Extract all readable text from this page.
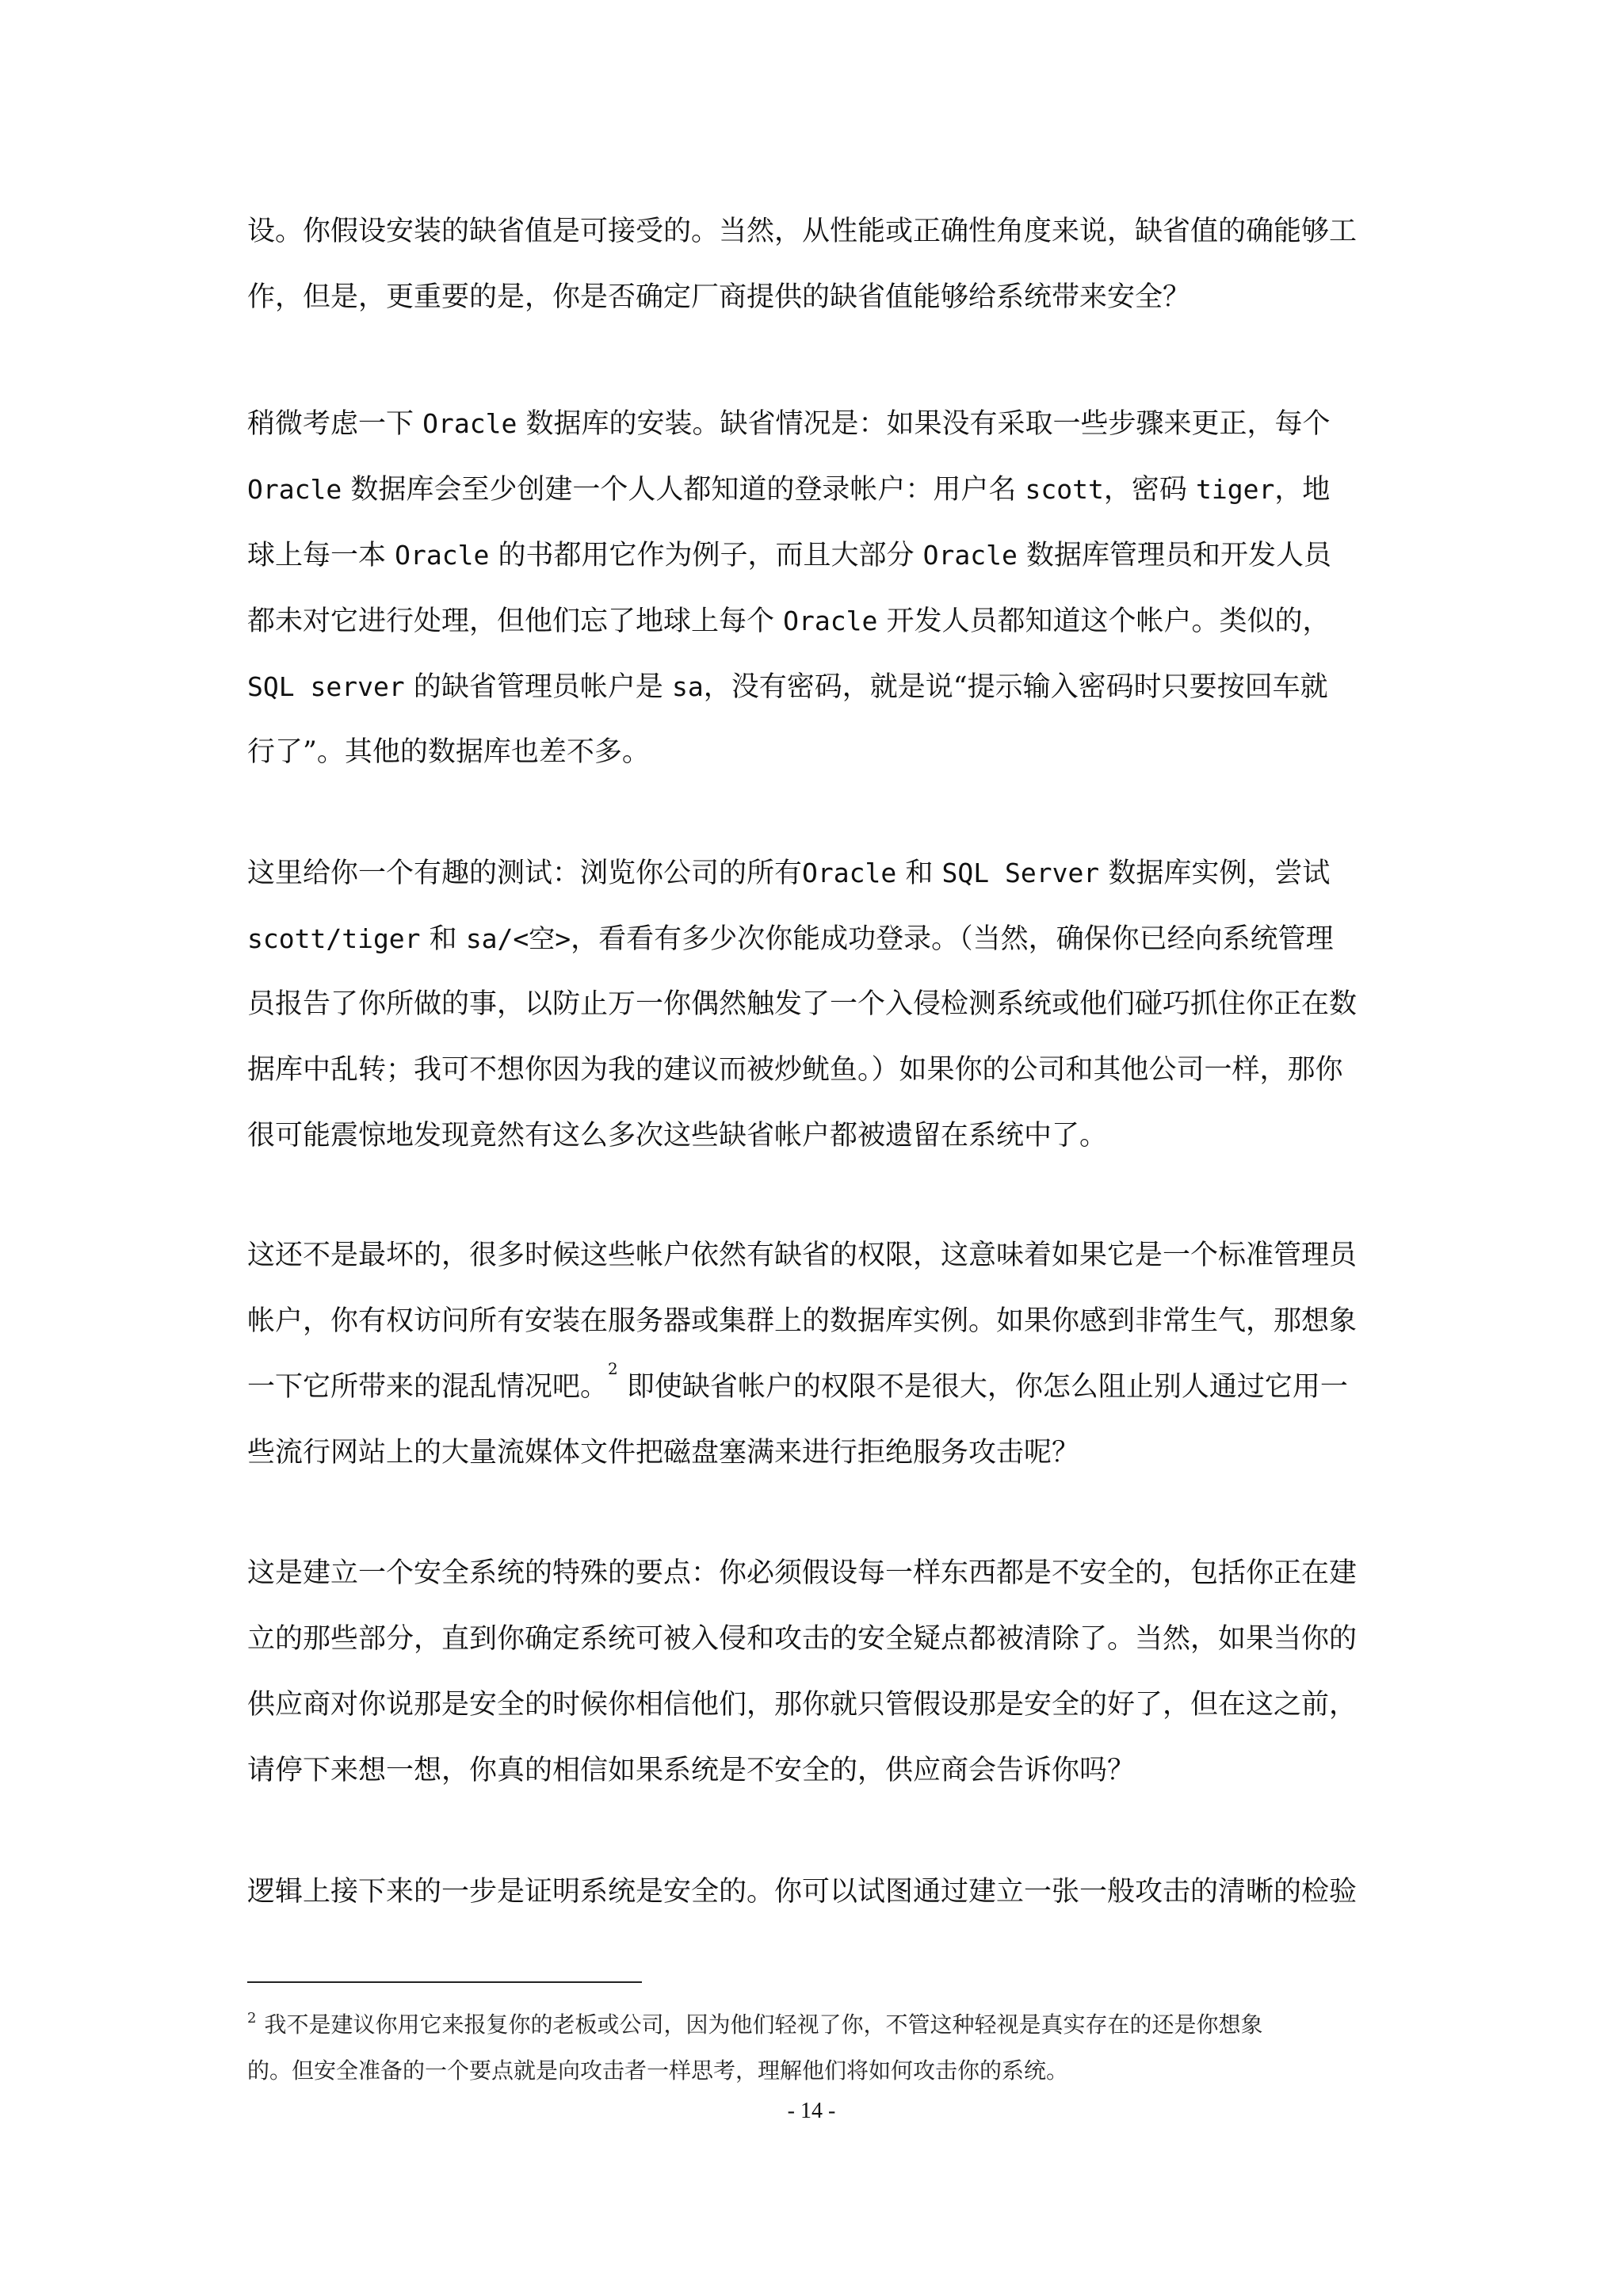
设。你假设安装的缺省值是可接受的。当然，从性能或正确性角度来说，缺省值的确能够工
作，但是，更重要的是，你是否确定厂商提供的缺省值能够给系统带来安全？
稍微考虑一下 Oracle 数据库的安装。缺省情况是：如果没有采取一些步骤来更正，每个
Oracle 数据库会至少创建一个人人都知道的登录帐户：用户名 scott，密码 tiger，地
球上每一本 Oracle 的书都用它作为例子，而且大部分 Oracle 数据库管理员和开发人员
都未对它进行处理，但他们忘了地球上每个 Oracle 开发人员都知道这个帐户。类似的，
SQL server 的缺省管理员帐户是 sa，没有密码，就是说“提示输入密码时只要按回车就
行了”。其他的数据库也差不多。
这里给你一个有趣的测试：浏览你公司的所有Oracle 和 SQL Server 数据库实例，尝试
scott/tiger 和 sa/<空>，看看有多少次你能成功登录。（当然，确保你已经向系统管理
员报告了你所做的事，以防止万一你偶然触发了一个入侵检测系统或他们碰巧抓住你正在数
据库中乱转；我可不想你因为我的建议而被炒鱿鱼。）如果你的公司和其他公司一样，那你
很可能震惊地发现竟然有这么多次这些缺省帐户都被遗留在系统中了。
这还不是最坏的，很多时候这些帐户依然有缺省的权限，这意味着如果它是一个标准管理员
帐户，你有权访问所有安装在服务器或集群上的数据库实例。如果你感到非常生气，那想象
一下它所带来的混乱情况吧。$^2$ 即使缺省帐户的权限不是很大，你怎么阻止别人通过它用一
些流行网站上的大量流媒体文件把磁盘塞满来进行拒绝服务攻击呢？
这是建立一个安全系统的特殊的要点：你必须假设每一样东西都是不安全的，包括你正在建
立的那些部分，直到你确定系统可被入侵和攻击的安全疑点都被清除了。当然，如果当你的
供应商对你说那是安全的时候你相信他们，那你就只管假设那是安全的好了，但在这之前，
请停下来想一想，你真的相信如果系统是不安全的，供应商会告诉你吗？
逻辑上接下来的一步是证明系统是安全的。你可以试图通过建立一张一般攻击的清晰的检验
$^2$ 我不是建议你用它来报复你的老板或公司，因为他们轻视了你，不管这种轻视是真实存在的还是你想象
的。但安全准备的一个要点就是向攻击者一样思考，理解他们将如何攻击你的系统。
- 14 -
